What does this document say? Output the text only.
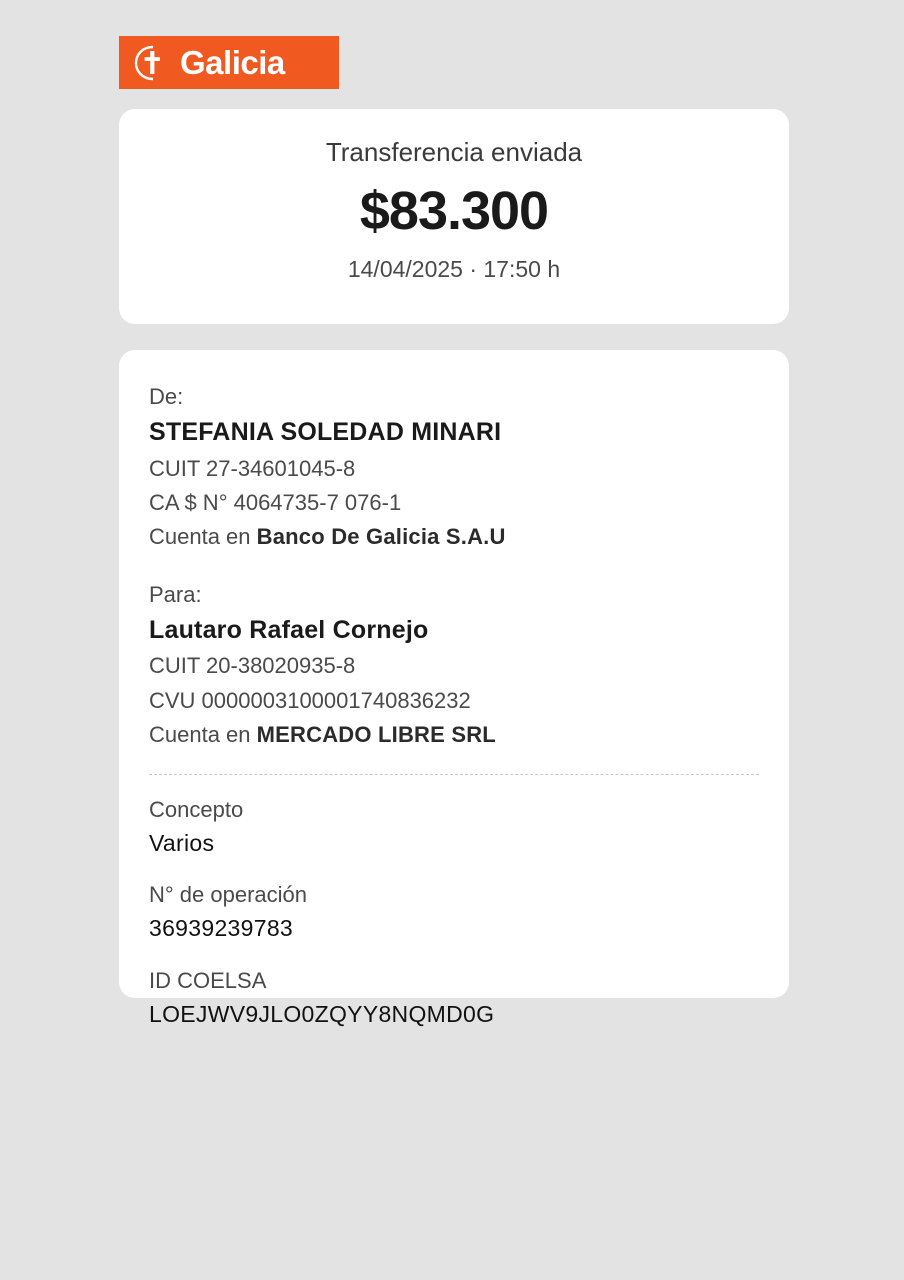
Galicia
Transferencia enviada
$83.300
14/04/2025 · 17:50 h
De:
STEFANIA SOLEDAD MINARI
CUIT 27-34601045-8
CA $ N° 4064735-7 076-1
Cuenta en Banco De Galicia S.A.U
Para:
Lautaro Rafael Cornejo
CUIT 20-38020935-8
CVU 0000003100001740836232
Cuenta en MERCADO LIBRE SRL
Concepto
Varios
N° de operación
36939239783
ID COELSA
LOEJWV9JLO0ZQYY8NQMD0G
